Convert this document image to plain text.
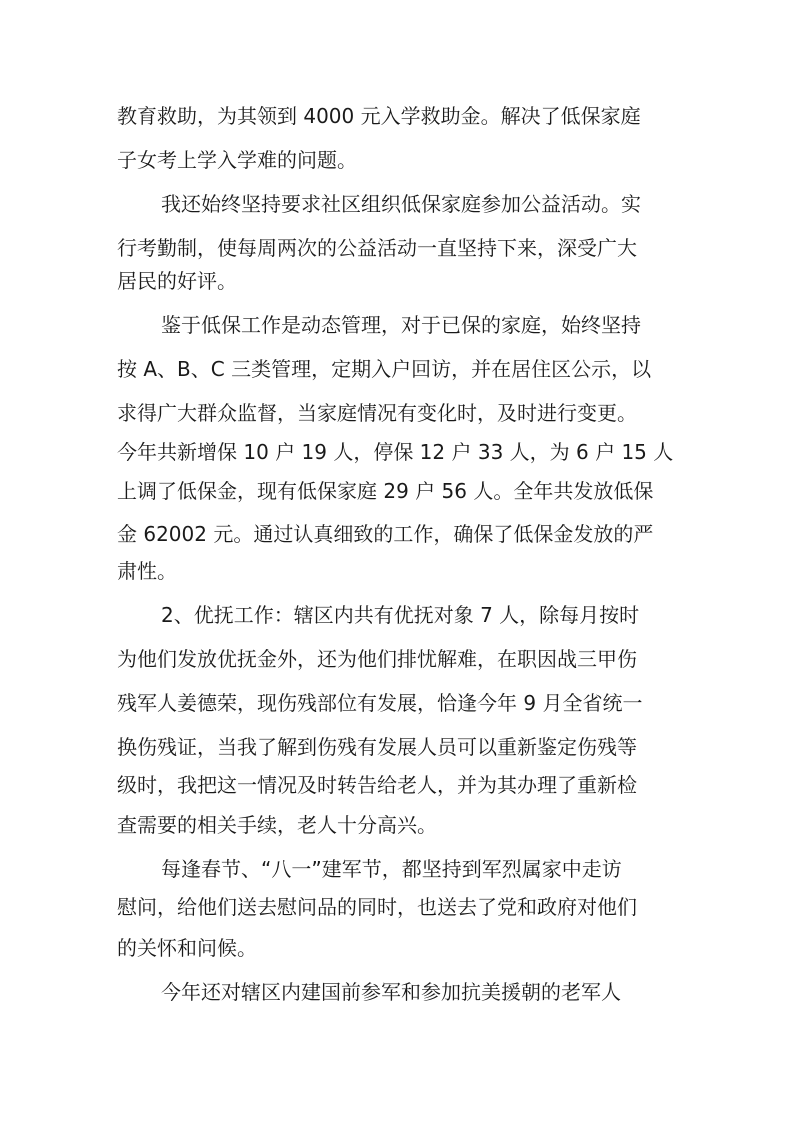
教育救助，为其领到 4000 元入学救助金。解决了低保家庭

子女考上学入学难的问题。

我还始终坚持要求社区组织低保家庭参加公益活动。实

行考勤制，使每周两次的公益活动一直坚持下来，深受广大

居民的好评。

鉴于低保工作是动态管理，对于已保的家庭，始终坚持

按 A、B、C 三类管理，定期入户回访，并在居住区公示，以

求得广大群众监督，当家庭情况有变化时，及时进行变更。

今年共新增保 10 户 19 人，停保 12 户 33 人，为 6 户 15 人

上调了低保金，现有低保家庭 29 户 56 人。全年共发放低保

金 62002 元。通过认真细致的工作，确保了低保金发放的严

肃性。

2、优抚工作：辖区内共有优抚对象 7 人，除每月按时

为他们发放优抚金外，还为他们排忧解难，在职因战三甲伤

残军人姜德荣，现伤残部位有发展，恰逢今年 9 月全省统一

换伤残证，当我了解到伤残有发展人员可以重新鉴定伤残等

级时，我把这一情况及时转告给老人，并为其办理了重新检

查需要的相关手续，老人十分高兴。

每逢春节、“八一”建军节，都坚持到军烈属家中走访

慰问，给他们送去慰问品的同时，也送去了党和政府对他们

的关怀和问候。

今年还对辖区内建国前参军和参加抗美援朝的老军人
